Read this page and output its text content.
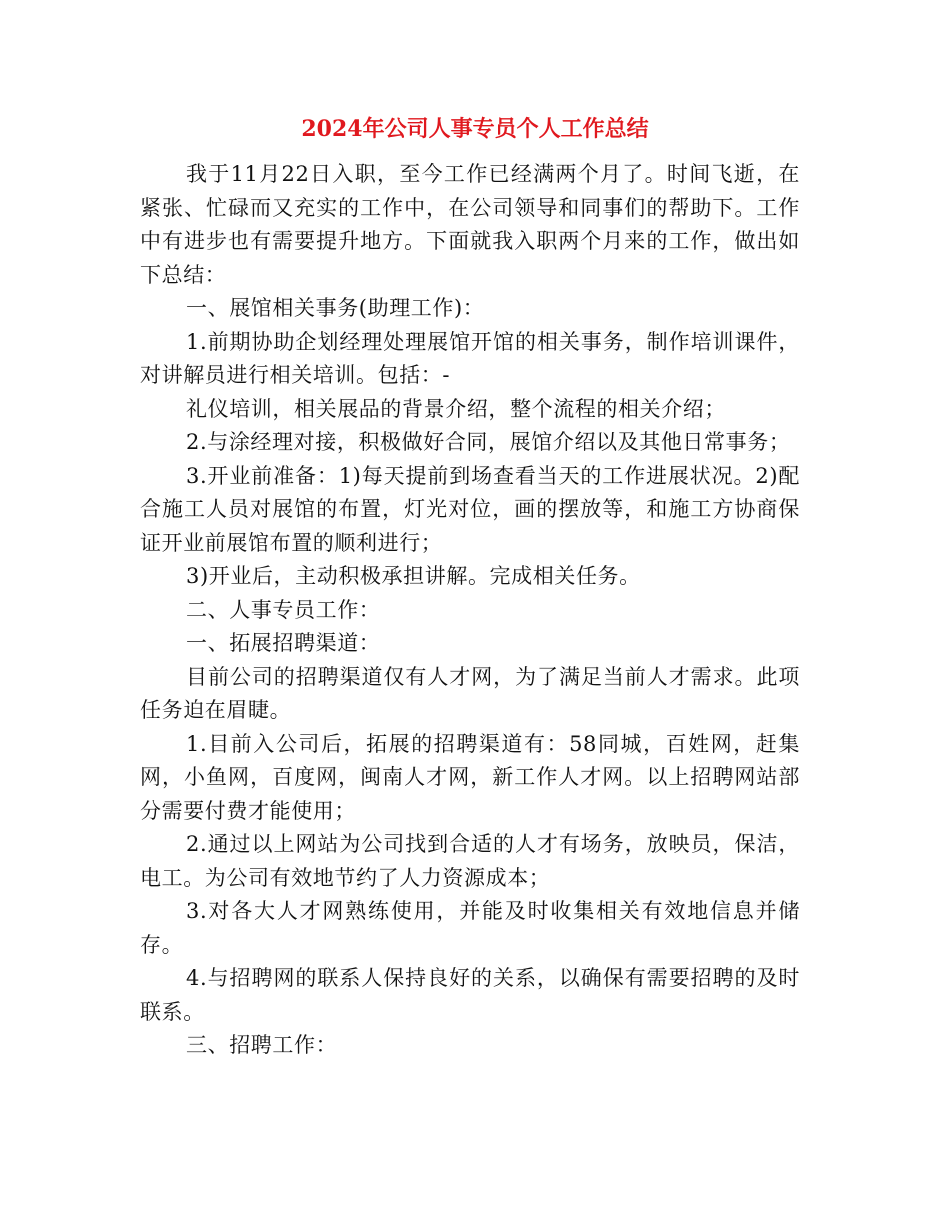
2024年公司人事专员个人工作总结

我于11月22日入职，至今工作已经满两个月了。时间飞逝，在紧张、忙碌而又充实的工作中，在公司领导和同事们的帮助下。工作中有进步也有需要提升地方。下面就我入职两个月来的工作，做出如下总结：

一、展馆相关事务(助理工作)：

1.前期协助企划经理处理展馆开馆的相关事务，制作培训课件，对讲解员进行相关培训。包括：-

礼仪培训，相关展品的背景介绍，整个流程的相关介绍；

2.与涂经理对接，积极做好合同，展馆介绍以及其他日常事务；

3.开业前准备：1)每天提前到场查看当天的工作进展状况。2)配合施工人员对展馆的布置，灯光对位，画的摆放等，和施工方协商保证开业前展馆布置的顺利进行；

3)开业后，主动积极承担讲解。完成相关任务。

二、人事专员工作：

一、拓展招聘渠道：

目前公司的招聘渠道仅有人才网，为了满足当前人才需求。此项任务迫在眉睫。

1.目前入公司后，拓展的招聘渠道有：58同城，百姓网，赶集网，小鱼网，百度网，闽南人才网，新工作人才网。以上招聘网站部分需要付费才能使用；

2.通过以上网站为公司找到合适的人才有场务，放映员，保洁，电工。为公司有效地节约了人力资源成本；

3.对各大人才网熟练使用，并能及时收集相关有效地信息并储存。

4.与招聘网的联系人保持良好的关系，以确保有需要招聘的及时联系。

三、招聘工作：
